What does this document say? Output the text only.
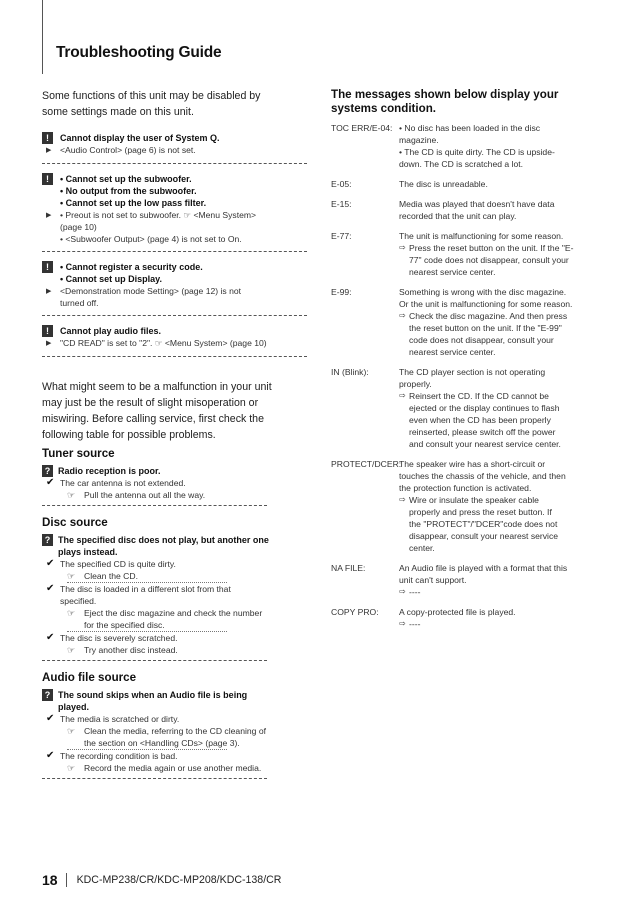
Troubleshooting Guide
Some functions of this unit may be disabled by
some settings made on this unit.
!	Cannot display the user of System Q.
▶	<Audio Control> (page 6) is not set.
!	• Cannot set up the subwoofer.
• No output from the subwoofer.
• Cannot set up the low pass filter.
▶	• Preout is not set to subwoofer. ☞ <Menu System>
(page 10)
• <Subwoofer Output> (page 4) is not set to On.
!	• Cannot register a security code.
• Cannot set up Display.
▶	<Demonstration mode Setting> (page 12) is not
turned off.
!	Cannot play audio files.
▶	"CD READ" is set to "2". ☞ <Menu System> (page 10)
What might seem to be a malfunction in your unit
may just be the result of slight misoperation or
miswiring. Before calling service, first check the
following table for possible problems.
Tuner source
? Radio reception is poor.
✔ The car antenna is not extended.
☞	Pull the antenna out all the way.
Disc source
? The specified disc does not play, but another one
plays instead.
✔ The specified CD is quite dirty.
☞	Clean the CD.
✔ The disc is loaded in a different slot from that
specified.
☞	Eject the disc magazine and check the number
for the specified disc.
✔ The disc is severely scratched.
☞	Try another disc instead.
Audio file source
? The sound skips when an Audio file is being
played.
✔ The media is scratched or dirty.
☞	Clean the media, referring to the CD cleaning of
the section on <Handling CDs> (page 3).
✔ The recording condition is bad.
☞	Record the media again or use another media.
The messages shown below display your
systems condition.
TOC ERR/E-04: • No disc has been loaded in the disc
magazine.
• The CD is quite dirty. The CD is upside-
down. The CD is scratched a lot.
E-05:	The disc is unreadable.
E-15:	Media was played that doesn't have data
recorded that the unit can play.
E-77:	The unit is malfunctioning for some reason.
⇨ Press the reset button on the unit. If the "E-
77" code does not disappear, consult your
nearest service center.
E-99:	Something is wrong with the disc magazine.
Or the unit is malfunctioning for some reason.
⇨ Check the disc magazine. And then press
the reset button on the unit. If the "E-99"
code does not disappear, consult your
nearest service center.
IN (Blink):	The CD player section is not operating
properly.
⇨ Reinsert the CD. If the CD cannot be
ejected or the display continues to flash
even when the CD has been properly
reinserted, please switch off the power
and consult your nearest service center.
PROTECT/DCER:
The speaker wire has a short-circuit or
touches the chassis of the vehicle, and then
the protection function is activated.
⇨ Wire or insulate the speaker cable
properly and press the reset button. If
the "PROTECT"/"DCER"code does not
disappear, consult your nearest service
center.
NA FILE:	An Audio file is played with a format that this
unit can't support.
⇨ ----
COPY PRO:	A copy-protected file is played.
⇨ ----
18 KDC-MP238/CR/KDC-MP208/KDC-138/CR
